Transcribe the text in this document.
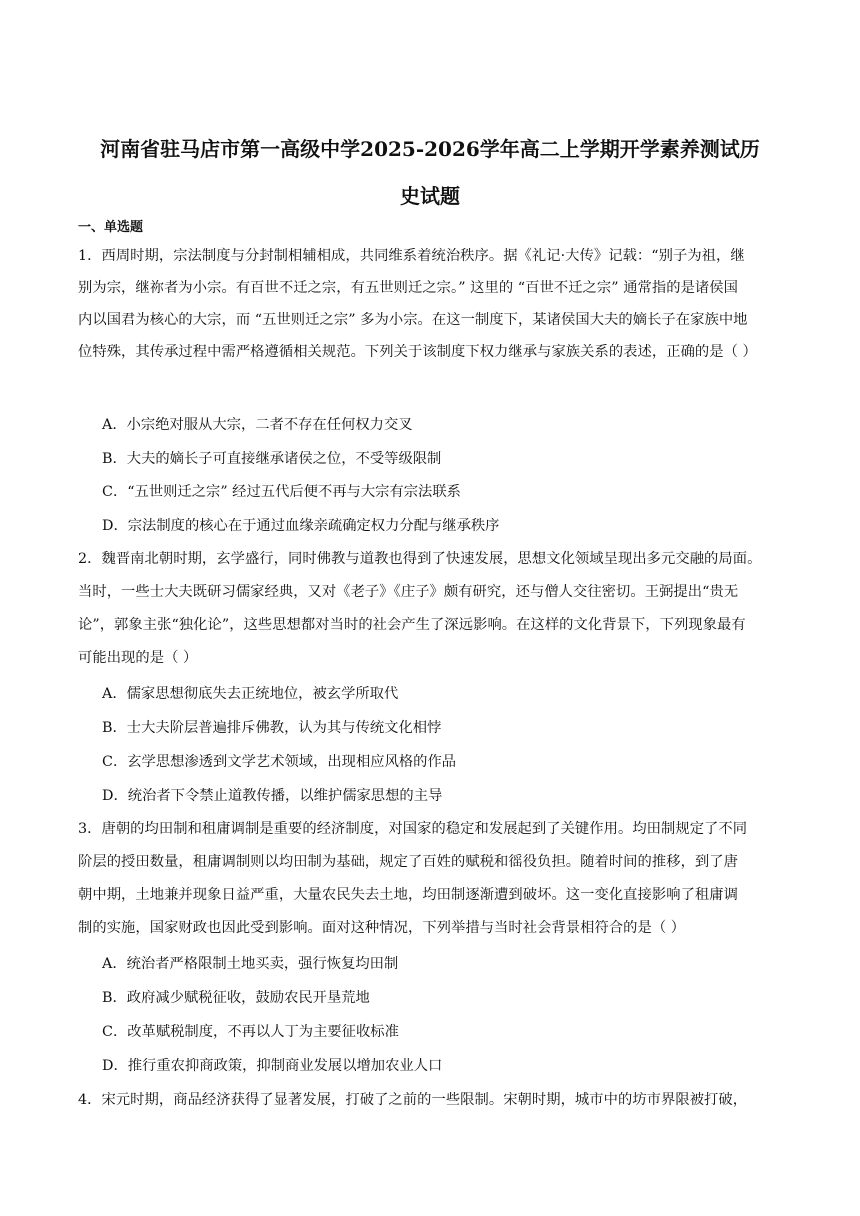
河南省驻马店市第一高级中学2025-2026学年高二上学期开学素养测试历
史试题
一、单选题
1．西周时期，宗法制度与分封制相辅相成，共同维系着统治秩序。据《礼记·大传》记载：“别子为祖，继
别为宗，继祢者为小宗。有百世不迁之宗，有五世则迁之宗。” 这里的 “百世不迁之宗” 通常指的是诸侯国
内以国君为核心的大宗，而 “五世则迁之宗” 多为小宗。在这一制度下，某诸侯国大夫的嫡长子在家族中地
位特殊，其传承过程中需严格遵循相关规范。下列关于该制度下权力继承与家族关系的表述，正确的是（ ）
A．小宗绝对服从大宗，二者不存在任何权力交叉
B．大夫的嫡长子可直接继承诸侯之位，不受等级限制
C．“五世则迁之宗” 经过五代后便不再与大宗有宗法联系
D．宗法制度的核心在于通过血缘亲疏确定权力分配与继承秩序
2．魏晋南北朝时期，玄学盛行，同时佛教与道教也得到了快速发展，思想文化领域呈现出多元交融的局面。
当时，一些士大夫既研习儒家经典，又对《老子》《庄子》颇有研究，还与僧人交往密切。王弼提出“贵无
论”，郭象主张“独化论”，这些思想都对当时的社会产生了深远影响。在这样的文化背景下，下列现象最有
可能出现的是（ ）
A．儒家思想彻底失去正统地位，被玄学所取代
B．士大夫阶层普遍排斥佛教，认为其与传统文化相悖
C．玄学思想渗透到文学艺术领域，出现相应风格的作品
D．统治者下令禁止道教传播，以维护儒家思想的主导
3．唐朝的均田制和租庸调制是重要的经济制度，对国家的稳定和发展起到了关键作用。均田制规定了不同
阶层的授田数量，租庸调制则以均田制为基础，规定了百姓的赋税和徭役负担。随着时间的推移，到了唐
朝中期，土地兼并现象日益严重，大量农民失去土地，均田制逐渐遭到破坏。这一变化直接影响了租庸调
制的实施，国家财政也因此受到影响。面对这种情况，下列举措与当时社会背景相符合的是（ ）
A．统治者严格限制土地买卖，强行恢复均田制
B．政府减少赋税征收，鼓励农民开垦荒地
C．改革赋税制度，不再以人丁为主要征收标准
D．推行重农抑商政策，抑制商业发展以增加农业人口
4．宋元时期，商品经济获得了显著发展，打破了之前的一些限制。宋朝时期，城市中的坊市界限被打破，
